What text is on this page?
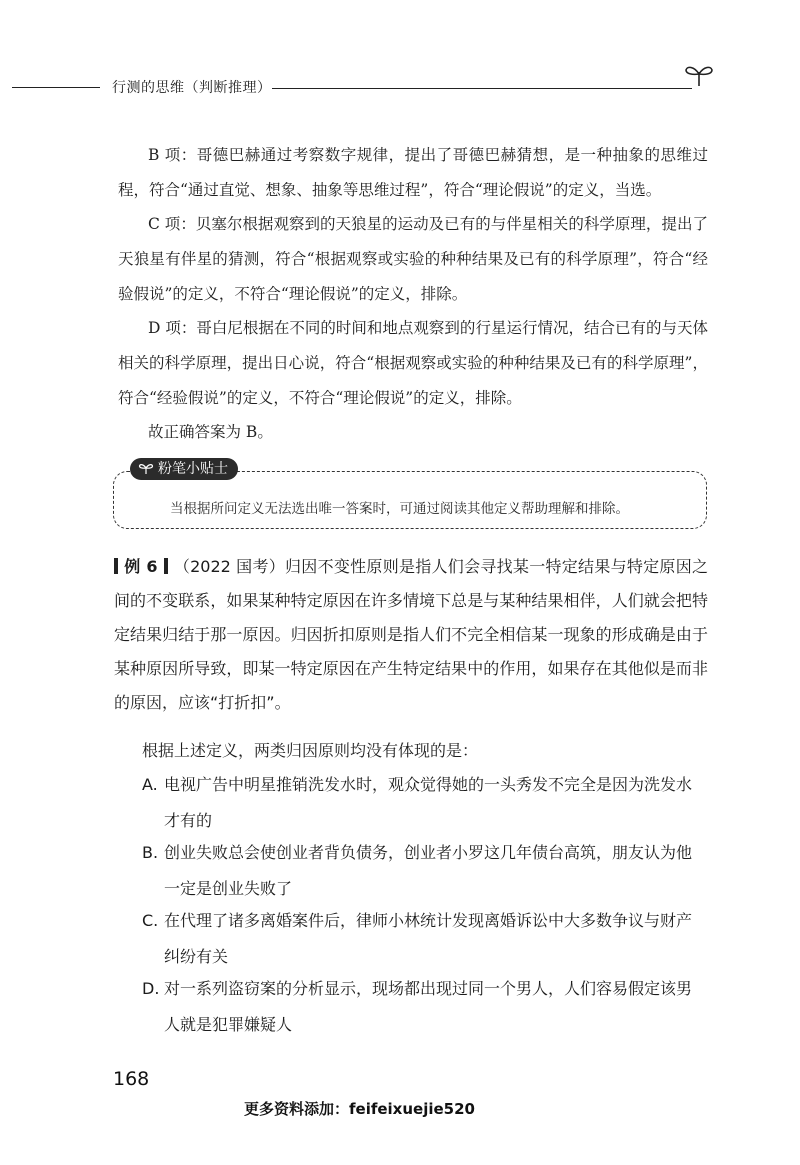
行测的思维（判断推理）
B 项：哥德巴赫通过考察数字规律，提出了哥德巴赫猜想，是一种抽象的思维过程，符合“通过直觉、想象、抽象等思维过程”，符合“理论假说”的定义，当选。
C 项：贝塞尔根据观察到的天狼星的运动及已有的与伴星相关的科学原理，提出了天狼星有伴星的猜测，符合“根据观察或实验的种种结果及已有的科学原理”，符合“经验假说”的定义，不符合“理论假说”的定义，排除。
D 项：哥白尼根据在不同的时间和地点观察到的行星运行情况，结合已有的与天体相关的科学原理，提出日心说，符合“根据观察或实验的种种结果及已有的科学原理”，符合“经验假说”的定义，不符合“理论假说”的定义，排除。
故正确答案为 B。
粉笔小贴士
当根据所问定义无法选出唯一答案时，可通过阅读其他定义帮助理解和排除。
例 6 （2022 国考）归因不变性原则是指人们会寻找某一特定结果与特定原因之间的不变联系，如果某种特定原因在许多情境下总是与某种结果相伴，人们就会把特定结果归结于那一原因。归因折扣原则是指人们不完全相信某一现象的形成确是由于某种原因所导致，即某一特定原因在产生特定结果中的作用，如果存在其他似是而非的原因，应该“打折扣”。
根据上述定义，两类归因原则均没有体现的是：
A. 电视广告中明星推销洗发水时，观众觉得她的一头秀发不完全是因为洗发水
才有的
B. 创业失败总会使创业者背负债务，创业者小罗这几年债台高筑，朋友认为他
一定是创业失败了
C. 在代理了诸多离婚案件后，律师小林统计发现离婚诉讼中大多数争议与财产
纠纷有关
D. 对一系列盗窃案的分析显示，现场都出现过同一个男人，人们容易假定该男
人就是犯罪嫌疑人
168
更多资料添加：feifeixuejie520
